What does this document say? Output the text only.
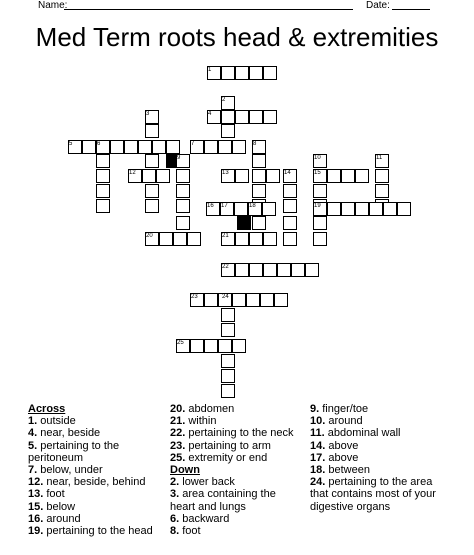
Name:	Date:
Med Term roots head & extremities
1
2
3	4
5	6	7	8
9	10	11
12	13	14	15
16 17	18	19
20	21
22
23	24
25
Across
1. outside
4. near, beside
5. pertaining to the peritoneum
7. below, under
12. near, beside, behind
13. foot
15. below
16. around
19. pertaining to the head
20. abdomen
21. within
22. pertaining to the neck
23. pertaining to arm
25. extremity or end
Down
2. lower back
3. area containing the heart and lungs
6. backward
8. foot
9. finger/toe
10. around
11. abdominal wall
14. above
17. above
18. between
24. pertaining to the area that contains most of your digestive organs
